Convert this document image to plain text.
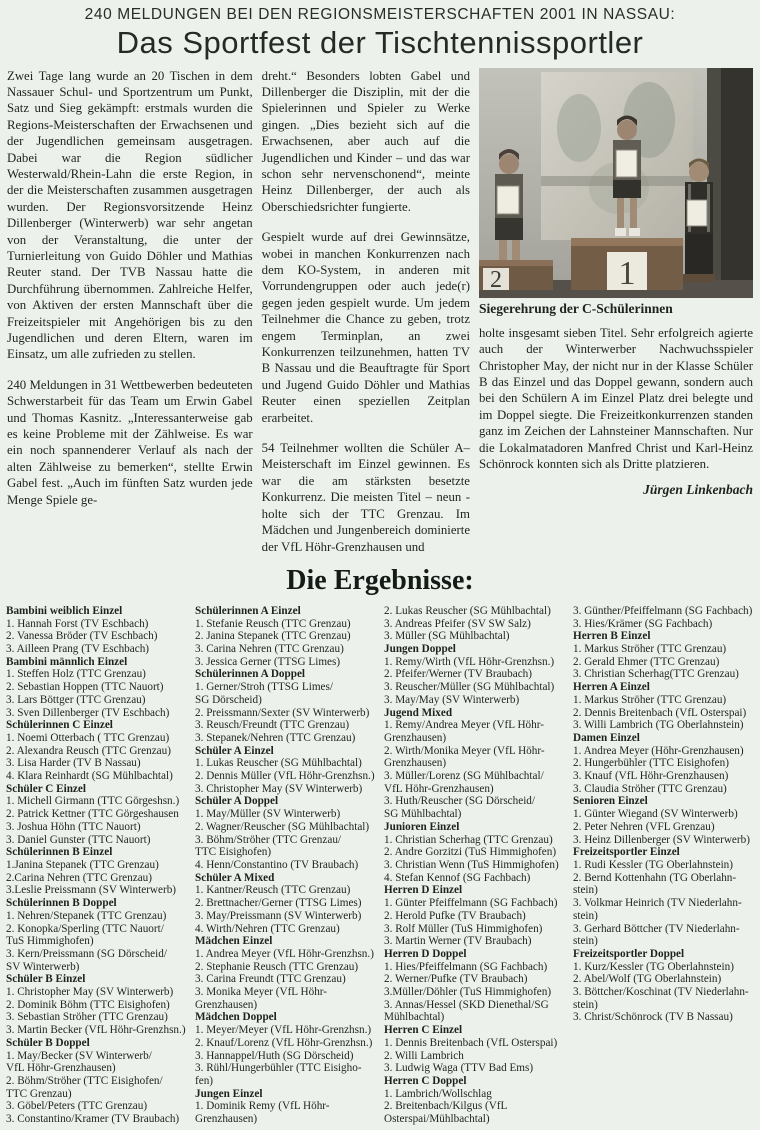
240 MELDUNGEN BEI DEN REGIONSMEISTERSCHAFTEN 2001 IN NASSAU:
Das Sportfest der Tischtennissportler

Zwei Tage lang wurde an 20 Tischen in dem Nassauer Schul- und Sportzentrum um Punkt, Satz und Sieg gekämpft: erstmals wurden die Regions-Meisterschaften der Erwachsenen und der Jugendlichen gemeinsam ausgetragen. Dabei war die Region südlicher Westerwald/Rhein-Lahn die erste Region, in der die Meisterschaften zusammen ausgetragen wurden. Der Regionsvorsitzende Heinz Dillenberger (Winterwerb) war sehr angetan von der Veranstaltung, die unter der Turnierleitung von Guido Döhler und Mathias Reuter stand. Der TVB Nassau hatte die Durchführung übernommen. Zahlreiche Helfer, von Aktiven der ersten Mannschaft über die Freizeitspieler mit Angehörigen bis zu den Jugendlichen und deren Eltern, waren im Einsatz, um alle zufrieden zu stellen.

240 Meldungen in 31 Wettbewerben bedeuteten Schwerstarbeit für das Team um Erwin Gabel und Thomas Kasnitz. „Interessanterweise gab es keine Probleme mit der Zählweise. Es war ein noch spannenderer Verlauf als nach der alten Zählweise zu bemerken“, stellte Erwin Gabel fest. „Auch im fünften Satz wurden jede Menge Spiele ge-

dreht.“ Besonders lobten Gabel und Dillenberger die Disziplin, mit der die Spielerinnen und Spieler zu Werke gingen. „Dies bezieht sich auf die Erwachsenen, aber auch auf die Jugendlichen und Kinder – und das war schon sehr nervenschonend“, meinte Heinz Dillenberger, der auch als Oberschiedsrichter fungierte.

Gespielt wurde auf drei Gewinnsätze, wobei in manchen Konkurrenzen nach dem KO-System, in anderen mit Vorrundengruppen oder auch jede(r) gegen jeden gespielt wurde. Um jedem Teilnehmer die Chance zu geben, trotz engem Terminplan, an zwei Konkurrenzen teilzunehmen, hatten TV B Nassau und die Beauftragte für Sport und Jugend Guido Döhler und Mathias Reuter einen speziellen Zeitplan erarbeitet.

54 Teilnehmer wollten die Schüler A–Meisterschaft im Einzel gewinnen. Es war die am stärksten besetzte Konkurrenz. Die meisten Titel – neun - holte sich der TTC Grenzau. Im Mädchen und Jungenbereich dominierte der VfL Höhr-Grenzhausen und

2	1
Siegerehrung der C-Schülerinnen

holte insgesamt sieben Titel. Sehr erfolgreich agierte auch der Winterwerber Nachwuchsspieler Christopher May, der nicht nur in der Klasse Schüler B das Einzel und das Doppel gewann, sondern auch bei den Schülern A im Einzel Platz drei belegte und im Doppel siegte. Die Freizeitkonkurrenzen standen ganz im Zeichen der Lahnsteiner Mannschaften. Nur die Lokalmatadoren Manfred Christ und Karl-Heinz Schönrock konnten sich als Dritte platzieren.

Jürgen Linkenbach
Die Ergebnisse:
Bambini weiblich Einzel
1. Hannah Forst (TV Eschbach)
2. Vanessa Bröder (TV Eschbach)
3. Ailleen Prang (TV Eschbach)
Bambini männlich Einzel
1. Steffen Holz (TTC Grenzau)
2. Sebastian Hoppen (TTC Nauort)
3. Lars Böttger (TTC Grenzau)
3. Sven Dillenberger (TV Eschbach)
Schülerinnen C Einzel
1. Noemi Otterbach ( TTC Grenzau)
2. Alexandra Reusch (TTC Grenzau)
3. Lisa Harder (TV B Nassau)
4. Klara Reinhardt (SG Mühlbachtal)
Schüler C Einzel
1. Michell Girmann (TTC Görgeshsn.)
2. Patrick Kettner (TTC Görgeshausen
3. Joshua Höhn (TTC Nauort)
3. Daniel Gunster (TTC Nauort)
Schülerinnen B Einzel
1.Janina Stepanek (TTC Grenzau)
2.Carina Nehren (TTC Grenzau)
3.Leslie Preissmann (SV Winterwerb)
Schülerinnen B Doppel
1. Nehren/Stepanek (TTC Grenzau)
2. Konopka/Sperling (TTC Nauort/
TuS Himmighofen)
3. Kern/Preissmann (SG Dörscheid/
SV Winterwerb)
Schüler B Einzel
1. Christopher May (SV Winterwerb)
2. Dominik Böhm (TTC Eisighofen)
3. Sebastian Ströher (TTC Grenzau)
3. Martin Becker (VfL Höhr-Grenzhsn.)
Schüler B Doppel
1. May/Becker (SV Winterwerb/
VfL Höhr-Grenzhausen)
2. Böhm/Ströher (TTC Eisighofen/
TTC Grenzau)
3. Göbel/Peters (TTC Grenzau)
3. Constantino/Kramer (TV Braubach)
Schülerinnen A Einzel
1. Stefanie Reusch (TTC Grenzau)
2. Janina Stepanek (TTC Grenzau)
3. Carina Nehren (TTC Grenzau)
3. Jessica Gerner (TTSG Limes)
Schülerinnen A Doppel
1. Gerner/Stroh (TTSG Limes/
SG Dörscheid)
2. Preissmann/Sexter (SV Winterwerb)
3. Reusch/Freundt (TTC Grenzau)
3. Stepanek/Nehren (TTC Grenzau)
Schüler A Einzel
1. Lukas Reuscher (SG Mühlbachtal)
2. Dennis Müller (VfL Höhr-Grenzhsn.)
3. Christopher May (SV Winterwerb)
Schüler A Doppel
1. May/Müller (SV Winterwerb)
2. Wagner/Reuscher (SG Mühlbachtal)
3. Böhm/Ströher (TTC Grenzau/
TTC Eisighofen)
4. Henn/Constantino (TV Braubach)
Schüler A Mixed
1. Kantner/Reusch (TTC Grenzau)
2. Brettnacher/Gerner (TTSG Limes)
3. May/Preissmann (SV Winterwerb)
4. Wirth/Nehren (TTC Grenzau)
Mädchen Einzel
1. Andrea Meyer (VfL Höhr-Grenzhsn.)
2. Stephanie Reusch (TTC Grenzau)
3. Carina Freundt (TTC Grenzau)
3. Monika Meyer (VfL Höhr-
Grenzhausen)
Mädchen Doppel
1. Meyer/Meyer (VfL Höhr-Grenzhsn.)
2. Knauf/Lorenz (VfL Höhr-Grenzhsn.)
3. Hannappel/Huth (SG Dörscheid)
3. Rühl/Hungerbühler (TTC Eisigho-
fen)
Jungen Einzel
1. Dominik Remy (VfL Höhr-
Grenzhausen)
2. Lukas Reuscher (SG Mühlbachtal)
3. Andreas Pfeifer (SV SW Salz)
3. Müller (SG Mühlbachtal)
Jungen Doppel
1. Remy/Wirth (VfL Höhr-Grenzhsn.)
2. Pfeifer/Werner (TV Braubach)
3. Reuscher/Müller (SG Mühlbachtal)
3. May/May (SV Winterwerb)
Jugend Mixed
1. Remy/Andrea Meyer (VfL Höhr-
Grenzhausen)
2. Wirth/Monika Meyer (VfL Höhr-
Grenzhausen)
3. Müller/Lorenz (SG Mühlbachtal/
VfL Höhr-Grenzhausen)
3. Huth/Reuscher (SG Dörscheid/
SG Mühlbachtal)
Junioren Einzel
1. Christian Scherhag (TTC Grenzau)
2. Andre Gorzitzi (TuS Himmighofen)
3. Christian Wenn (TuS Himmighofen)
4. Stefan Kennof (SG Fachbach)
Herren D Einzel
1. Günter Pfeiffelmann (SG Fachbach)
2. Herold Pufke (TV Braubach)
3. Rolf Müller (TuS Himmighofen)
3. Martin Werner (TV Braubach)
Herren D Doppel
1. Hies/Pfeiffelmann (SG Fachbach)
2. Werner/Pufke (TV Braubach)
3.Müller/Döhler (TuS Himmighofen)
3. Annas/Hessel (SKD Dienethal/SG
Mühlbachtal)
Herren C Einzel
1. Dennis Breitenbach (VfL Osterspai)
2. Willi Lambrich
3. Ludwig Waga (TTV Bad Ems)
Herren C Doppel
1. Lambrich/Wollschlag
2. Breitenbach/Kilgus (VfL
Osterspai/Mühlbachtal)
3. Günther/Pfeiffelmann (SG Fachbach)
3. Hies/Krämer (SG Fachbach)
Herren B Einzel
1. Markus Ströher (TTC Grenzau)
2. Gerald Ehmer (TTC Grenzau)
3. Christian Scherhag(TTC Grenzau)
Herren A Einzel
1. Markus Ströher (TTC Grenzau)
2. Dennis Breitenbach (VfL Osterspai)
3. Willi Lambrich (TG Oberlahnstein)
Damen Einzel
1. Andrea Meyer (Höhr-Grenzhausen)
2. Hungerbühler (TTC Eisighofen)
3. Knauf (VfL Höhr-Grenzhausen)
3. Claudia Ströher (TTC Grenzau)
Senioren Einzel
1. Günter Wiegand (SV Winterwerb)
2. Peter Nehren (VFL Grenzau)
3. Heinz Dillenberger (SV Winterwerb)
Freizeitsportler Einzel
1. Rudi Kessler (TG Oberlahnstein)
2. Bernd Kottenhahn (TG Oberlahn-
stein)
3. Volkmar Heinrich (TV Niederlahn-
stein)
3. Gerhard Böttcher (TV Niederlahn-
stein)
Freizeitsportler Doppel
1. Kurz/Kessler (TG Oberlahnstein)
2. Abel/Wolf (TG Oberlahnstein)
3. Böttcher/Koschinat (TV Niederlahn-
stein)
3. Christ/Schönrock (TV B Nassau)
